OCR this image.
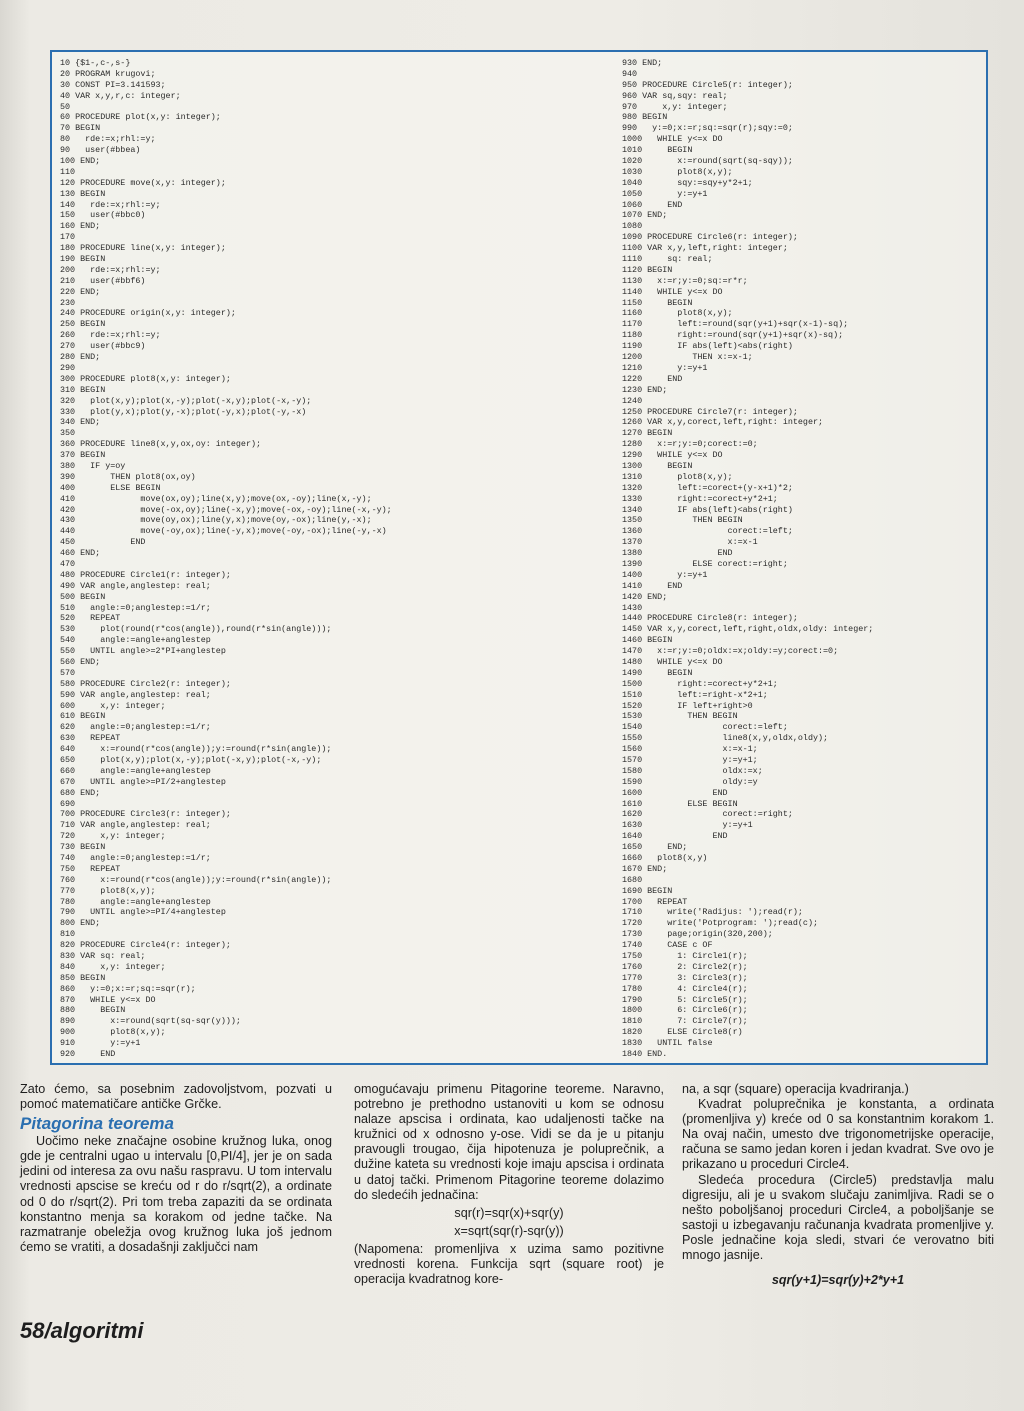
10 {$1-,c-,s-}
20 PROGRAM krugovi;
30 CONST PI=3.141593;
40 VAR x,y,r,c: integer;
50
60 PROCEDURE plot(x,y: integer);
70 BEGIN
80   rde:=x;rhl:=y;
90   user(#bbea)
100 END;
110
120 PROCEDURE move(x,y: integer);
130 BEGIN
140   rde:=x;rhl:=y;
150   user(#bbc0)
160 END;
170
180 PROCEDURE line(x,y: integer);
190 BEGIN
200   rde:=x;rhl:=y;
210   user(#bbf6)
220 END;
230
240 PROCEDURE origin(x,y: integer);
250 BEGIN
260   rde:=x;rhl:=y;
270   user(#bbc9)
280 END;
290
300 PROCEDURE plot8(x,y: integer);
310 BEGIN
320   plot(x,y);plot(x,-y);plot(-x,y);plot(-x,-y);
330   plot(y,x);plot(y,-x);plot(-y,x);plot(-y,-x)
340 END;
350
360 PROCEDURE line8(x,y,ox,oy: integer);
370 BEGIN
380   IF y=oy
390       THEN plot8(ox,oy)
400       ELSE BEGIN
410             move(ox,oy);line(x,y);move(ox,-oy);line(x,-y);
420             move(-ox,oy);line(-x,y);move(-ox,-oy);line(-x,-y);
430             move(oy,ox);line(y,x);move(oy,-ox);line(y,-x);
440             move(-oy,ox);line(-y,x);move(-oy,-ox);line(-y,-x)
450           END
460 END;
470
480 PROCEDURE Circle1(r: integer);
490 VAR angle,anglestep: real;
500 BEGIN
510   angle:=0;anglestep:=1/r;
520   REPEAT
530     plot(round(r*cos(angle)),round(r*sin(angle)));
540     angle:=angle+anglestep
550   UNTIL angle>=2*PI+anglestep
560 END;
570
580 PROCEDURE Circle2(r: integer);
590 VAR angle,anglestep: real;
600     x,y: integer;
610 BEGIN
620   angle:=0;anglestep:=1/r;
630   REPEAT
640     x:=round(r*cos(angle));y:=round(r*sin(angle));
650     plot(x,y);plot(x,-y);plot(-x,y);plot(-x,-y);
660     angle:=angle+anglestep
670   UNTIL angle>=PI/2+anglestep
680 END;
690
700 PROCEDURE Circle3(r: integer);
710 VAR angle,anglestep: real;
720     x,y: integer;
730 BEGIN
740   angle:=0;anglestep:=1/r;
750   REPEAT
760     x:=round(r*cos(angle));y:=round(r*sin(angle));
770     plot8(x,y);
780     angle:=angle+anglestep
790   UNTIL angle>=PI/4+anglestep
800 END;
810
820 PROCEDURE Circle4(r: integer);
830 VAR sq: real;
840     x,y: integer;
850 BEGIN
860   y:=0;x:=r;sq:=sqr(r);
870   WHILE y<=x DO
880     BEGIN
890       x:=round(sqrt(sq-sqr(y)));
900       plot8(x,y);
910       y:=y+1
920     END
930 END;
940
950 PROCEDURE Circle5(r: integer);
960 VAR sq,sqy: real;
970     x,y: integer;
980 BEGIN
990   y:=0;x:=r;sq:=sqr(r);sqy:=0;
1000   WHILE y<=x DO
1010     BEGIN
1020       x:=round(sqrt(sq-sqy));
1030       plot8(x,y);
1040       sqy:=sqy+y*2+1;
1050       y:=y+1
1060     END
1070 END;
1080
1090 PROCEDURE Circle6(r: integer);
1100 VAR x,y,left,right: integer;
1110     sq: real;
1120 BEGIN
1130   x:=r;y:=0;sq:=r*r;
1140   WHILE y<=x DO
1150     BEGIN
1160       plot8(x,y);
1170       left:=round(sqr(y+1)+sqr(x-1)-sq);
1180       right:=round(sqr(y+1)+sqr(x)-sq);
1190       IF abs(left)<abs(right)
1200          THEN x:=x-1;
1210       y:=y+1
1220     END
1230 END;
1240
1250 PROCEDURE Circle7(r: integer);
1260 VAR x,y,corect,left,right: integer;
1270 BEGIN
1280   x:=r;y:=0;corect:=0;
1290   WHILE y<=x DO
1300     BEGIN
1310       plot8(x,y);
1320       left:=corect+(y-x+1)*2;
1330       right:=corect+y*2+1;
1340       IF abs(left)<abs(right)
1350          THEN BEGIN
1360                 corect:=left;
1370                 x:=x-1
1380               END
1390          ELSE corect:=right;
1400       y:=y+1
1410     END
1420 END;
1430
1440 PROCEDURE Circle8(r: integer);
1450 VAR x,y,corect,left,right,oldx,oldy: integer;
1460 BEGIN
1470   x:=r;y:=0;oldx:=x;oldy:=y;corect:=0;
1480   WHILE y<=x DO
1490     BEGIN
1500       right:=corect+y*2+1;
1510       left:=right-x*2+1;
1520       IF left+right>0
1530         THEN BEGIN
1540                corect:=left;
1550                line8(x,y,oldx,oldy);
1560                x:=x-1;
1570                y:=y+1;
1580                oldx:=x;
1590                oldy:=y
1600              END
1610         ELSE BEGIN
1620                corect:=right;
1630                y:=y+1
1640              END
1650     END;
1660   plot8(x,y)
1670 END;
1680
1690 BEGIN
1700   REPEAT
1710     write('Radijus: ');read(r);
1720     write('Potprogram: ');read(c);
1730     page;origin(320,200);
1740     CASE c OF
1750       1: Circle1(r);
1760       2: Circle2(r);
1770       3: Circle3(r);
1780       4: Circle4(r);
1790       5: Circle5(r);
1800       6: Circle6(r);
1810       7: Circle7(r);
1820     ELSE Circle8(r)
1830   UNTIL false
1840 END.

Zato ćemo, sa posebnim zadovoljstvom, pozvati u pomoć matematičare antičke Grčke.

Pitagorina teorema

Uočimo neke značajne osobine kružnog luka, onog gde je centralni ugao u intervalu [0,PI/4], jer je on sada jedini od interesa za ovu našu raspravu. U tom intervalu vrednosti apscise se kreću od r do r/sqrt(2), a ordinate od 0 do r/sqrt(2). Pri tom treba zapaziti da se ordinata konstantno menja sa korakom od jedne tačke. Na razmatranje obeležja ovog kružnog luka još jednom ćemo se vratiti, a dosadašnji zaključci nam

omogućavaju primenu Pitagorine teoreme. Naravno, potrebno je prethodno ustanoviti u kom se odnosu nalaze apscisa i ordinata, kao udaljenosti tačke na kružnici od x odnosno y-ose. Vidi se da je u pitanju pravougli trougao, čija hipotenuza je poluprečnik, a dužine kateta su vrednosti koje imaju apscisa i ordinata u datoj tački. Primenom Pitagorine teoreme dolazimo do sledećih jednačina:

sqr(r)=sqr(x)+sqr(y)

x=sqrt(sqr(r)-sqr(y))

(Napomena: promenljiva x uzima samo pozitivne vrednosti korena. Funkcija sqrt (square root) je operacija kvadratnog kore-

na, a sqr (square) operacija kvadriranja.)

Kvadrat poluprečnika je konstanta, a ordinata (promenljiva y) kreće od 0 sa konstantnim korakom 1. Na ovaj način, umesto dve trigonometrijske operacije, računa se samo jedan koren i jedan kvadrat. Sve ovo je prikazano u proceduri Circle4.

Sledeća procedura (Circle5) predstavlja malu digresiju, ali je u svakom slučaju zanimljiva. Radi se o nešto poboljšanoj proceduri Circle4, a poboljšanje se sastoji u izbegavanju računanja kvadrata promenljive y. Posle jednačine koja sledi, stvari će verovatno biti mnogo jasnije.

sqr(y+1)=sqr(y)+2*y+1

58/algoritmi
